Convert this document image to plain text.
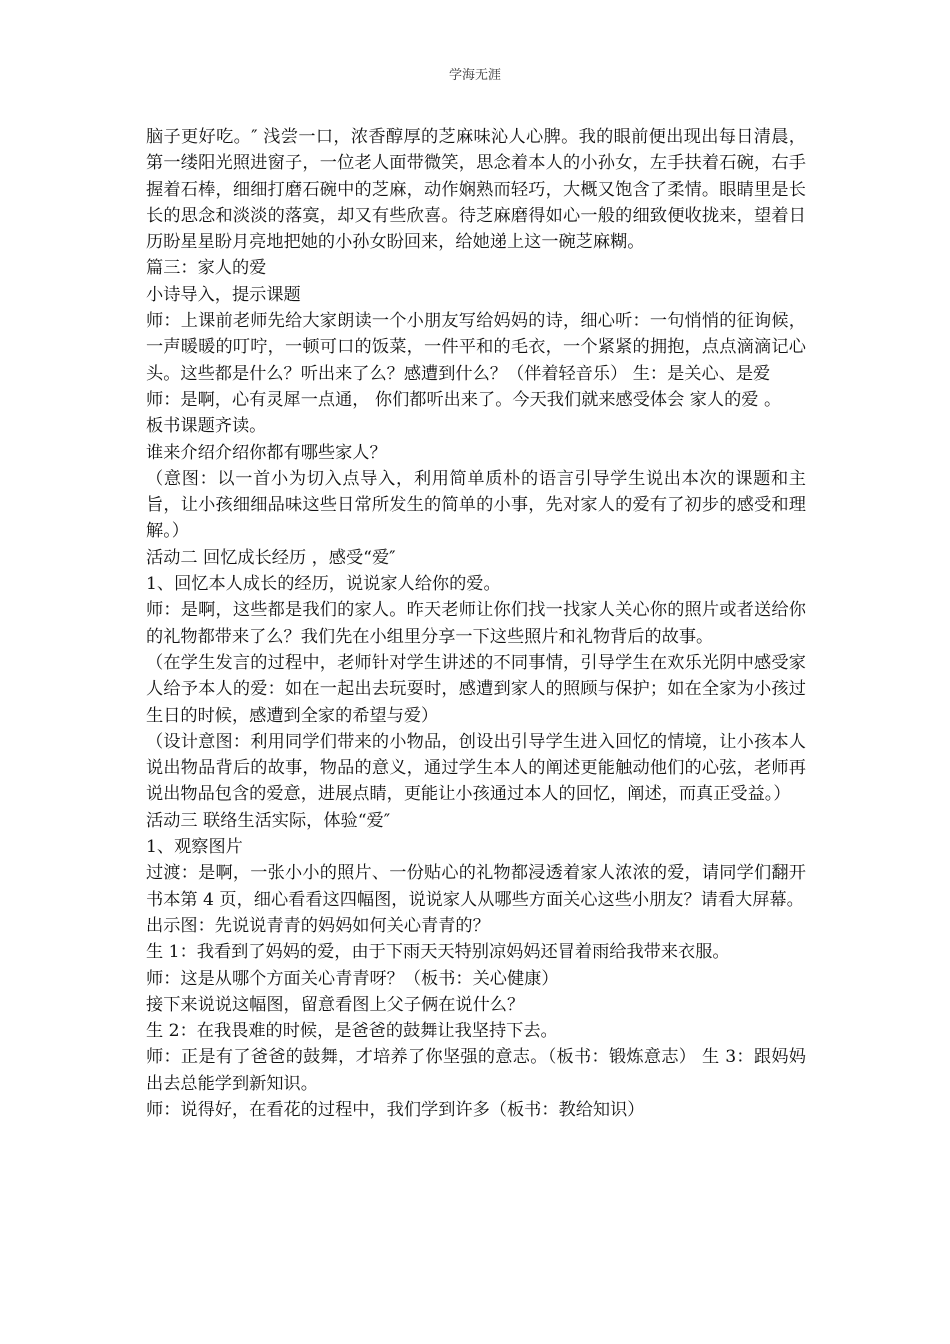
学海无涯

脑子更好吃。″ 浅尝一口，浓香醇厚的芝麻味沁人心脾。我的眼前便出现出每日清晨，第一缕阳光照进窗子，一位老人面带微笑，思念着本人的小孙女，左手扶着石碗，右手握着石棒，细细打磨石碗中的芝麻，动作娴熟而轻巧，大概又饱含了柔情。眼睛里是长长的思念和淡淡的落寞，却又有些欣喜。待芝麻磨得如心一般的细致便收拢来，望着日历盼星星盼月亮地把她的小孙女盼回来，给她递上这一碗芝麻糊。

篇三：家人的爱

小诗导入，提示课题

师：上课前老师先给大家朗读一个小朋友写给妈妈的诗，细心听：一句悄悄的征询候，一声暖暖的叮咛，一顿可口的饭菜，一件平和的毛衣，一个紧紧的拥抱，点点滴滴记心头。这些都是什么？听出来了么？感遭到什么？（伴着轻音乐） 生：是关心、是爱

师：是啊，心有灵犀一点通， 你们都听出来了。今天我们就来感受体会 家人的爱 。

板书课题齐读。

谁来介绍介绍你都有哪些家人？

（意图：以一首小为切入点导入，利用简单质朴的语言引导学生说出本次的课题和主旨，让小孩细细品味这些日常所发生的简单的小事，先对家人的爱有了初步的感受和理解。）

活动二 回忆成长经历 ，感受“爱″

1、回忆本人成长的经历，说说家人给你的爱。

师：是啊，这些都是我们的家人。昨天老师让你们找一找家人关心你的照片或者送给你的礼物都带来了么？我们先在小组里分享一下这些照片和礼物背后的故事。

（在学生发言的过程中，老师针对学生讲述的不同事情，引导学生在欢乐光阴中感受家人给予本人的爱：如在一起出去玩耍时，感遭到家人的照顾与保护；如在全家为小孩过生日的时候，感遭到全家的希望与爱）

（设计意图：利用同学们带来的小物品，创设出引导学生进入回忆的情境，让小孩本人说出物品背后的故事，物品的意义，通过学生本人的阐述更能触动他们的心弦，老师再说出物品包含的爱意，进展点睛，更能让小孩通过本人的回忆，阐述，而真正受益。）

活动三 联络生活实际，体验“爱″

1、观察图片

过渡：是啊，一张小小的照片、一份贴心的礼物都浸透着家人浓浓的爱，请同学们翻开书本第 4 页，细心看看这四幅图，说说家人从哪些方面关心这些小朋友？请看大屏幕。

出示图：先说说青青的妈妈如何关心青青的？

生 1：我看到了妈妈的爱，由于下雨天天特别凉妈妈还冒着雨给我带来衣服。

师：这是从哪个方面关心青青呀？（板书：关心健康）

接下来说说这幅图，留意看图上父子俩在说什么？

生 2：在我畏难的时候，是爸爸的鼓舞让我坚持下去。

师：正是有了爸爸的鼓舞，才培养了你坚强的意志。（板书：锻炼意志） 生 3：跟妈妈出去总能学到新知识。

师：说得好，在看花的过程中，我们学到许多（板书：教给知识）
